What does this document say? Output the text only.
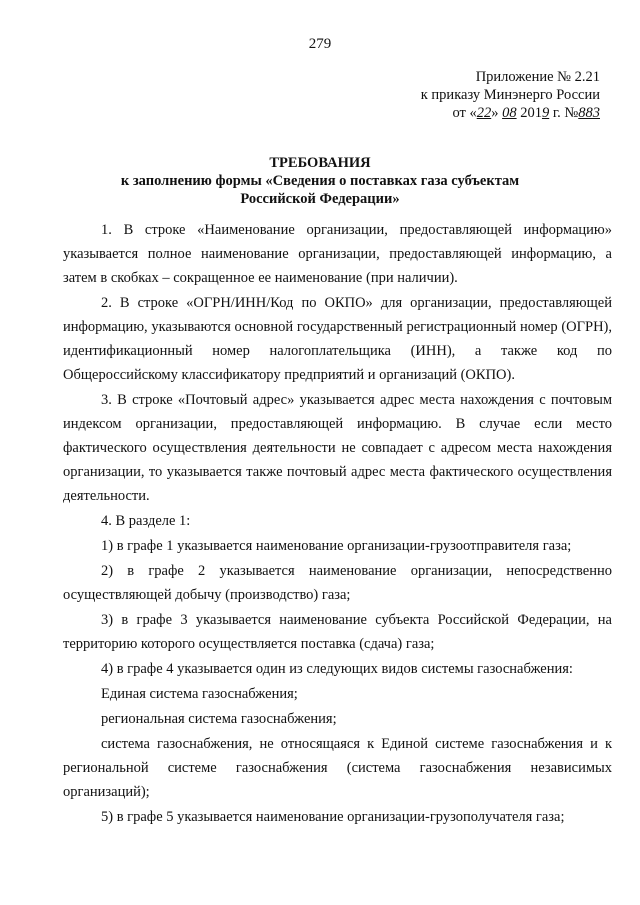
279
Приложение № 2.21
к приказу Минэнерго России
от «22» 08 2019 г. №883
ТРЕБОВАНИЯ
к заполнению формы «Сведения о поставках газа субъектам
Российской Федерации»

1. В строке «Наименование организации, предоставляющей информацию» указывается полное наименование организации, предоставляющей информацию, а затем в скобках – сокращенное ее наименование (при наличии).

2. В строке «ОГРН/ИНН/Код по ОКПО» для организации, предоставляющей информацию, указываются основной государственный регистрационный номер (ОГРН), идентификационный номер налогоплательщика (ИНН), а также код по Общероссийскому классификатору предприятий и организаций (ОКПО).

3. В строке «Почтовый адрес» указывается адрес места нахождения с почтовым индексом организации, предоставляющей информацию. В случае если место фактического осуществления деятельности не совпадает с адресом места нахождения организации, то указывается также почтовый адрес места фактического осуществления деятельности.

4. В разделе 1:

1) в графе 1 указывается наименование организации-грузоотправителя газа;

2) в графе 2 указывается наименование организации, непосредственно осуществляющей добычу (производство) газа;

3) в графе 3 указывается наименование субъекта Российской Федерации, на территорию которого осуществляется поставка (сдача) газа;

4) в графе 4 указывается один из следующих видов системы газоснабжения:

Единая система газоснабжения;

региональная система газоснабжения;

система газоснабжения, не относящаяся к Единой системе газоснабжения и к региональной системе газоснабжения (система газоснабжения независимых организаций);

5) в графе 5 указывается наименование организации-грузополучателя газа;
